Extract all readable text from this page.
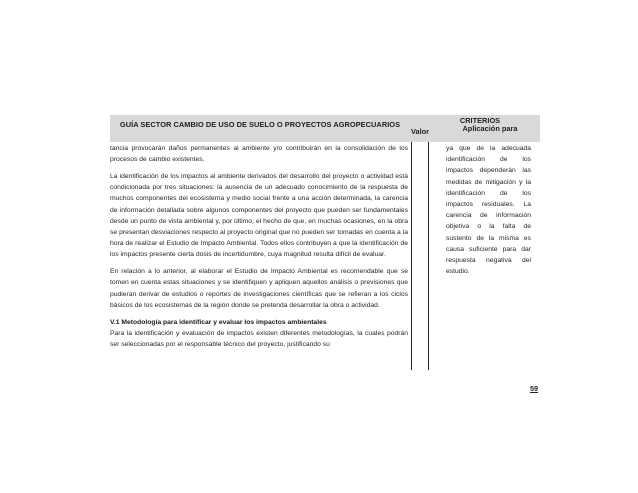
GUÍA SECTOR CAMBIO DE USO DE SUELO O PROYECTOS AGROPECUARIOS	CRITERIOS
Valor	Aplicación para

tancia provocarán daños permanentes al ambiente y/o contribuirán en la consolidación de los procesos de cambio existentes.

La identificación de los impactos al ambiente derivados del desarrollo del proyecto o actividad está condicionada por tres situaciones: la ausencia de un adecuado conocimiento de la respuesta de muchos componentes del ecosistema y medio social frente a una acción determinada, la carencia de información detallada sobre algunos componentes del proyecto que pueden ser fundamentales desde un punto de vista ambiental y, por último, el hecho de que, en muchas ocasiones, en la obra se presentan desviaciones respecto al proyecto original que no pueden ser tomadas en cuenta a la hora de realizar el Estudio de Impacto Ambiental. Todos ellos contribuyen a que la identificación de los impactos presente cierta dosis de incertidumbre, cuya magnitud resulta difícil de evaluar.

En relación a lo anterior, al elaborar el Estudio de Impacto Ambiental es recomendable que se tomen en cuenta estas situaciones y se identifiquen y apliquen aquellos análisis o previsiones que pudieran derivar de estudios o reportes de investigaciones científicas que se refieran a los ciclos básicos de los ecosistemas de la región donde se pretenda desarrollar la obra o actividad.

V.1 Metodología para identificar y evaluar los impactos ambientales
Para la identificación y evaluación de impactos existen diferentes metodologías, la cuales podrán ser seleccionadas por el responsable técnico del proyecto, justificando su
ya que de la adecuada identificación de los impactos dependerán las medidas de mitigación y la identificación de los impactos residuales. La carencia de información objetiva o la falta de sustento de la misma es causa suficiente para dar respuesta negativa del estudio.
59
